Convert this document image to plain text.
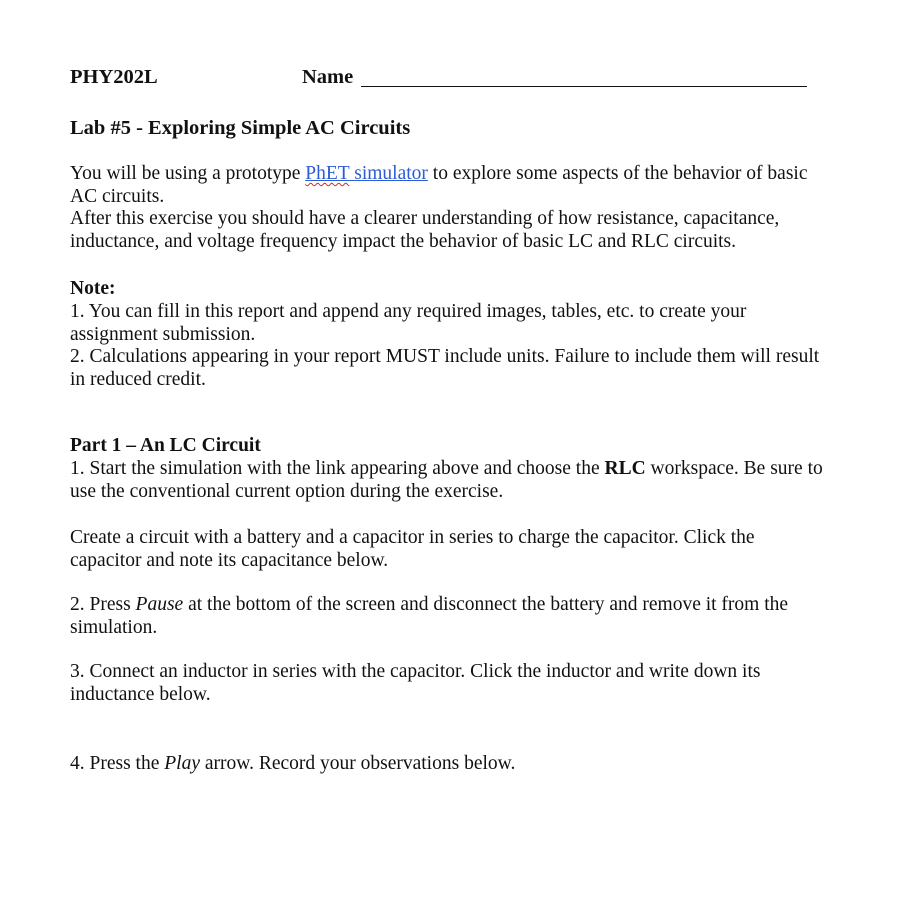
PHY202L	Name
Lab #5 - Exploring Simple AC Circuits
You will be using a prototype PhET simulator to explore some aspects of the behavior of basic AC circuits.
After this exercise you should have a clearer understanding of how resistance, capacitance, inductance, and voltage frequency impact the behavior of basic LC and RLC circuits.
Note:
1. You can fill in this report and append any required images, tables, etc. to create your assignment submission.
2. Calculations appearing in your report MUST include units. Failure to include them will result in reduced credit.
Part 1 – An LC Circuit
1. Start the simulation with the link appearing above and choose the RLC workspace. Be sure to use the conventional current option during the exercise.
Create a circuit with a battery and a capacitor in series to charge the capacitor. Click the capacitor and note its capacitance below.
2. Press Pause at the bottom of the screen and disconnect the battery and remove it from the simulation.
3. Connect an inductor in series with the capacitor. Click the inductor and write down its inductance below.
4. Press the Play arrow. Record your observations below.
